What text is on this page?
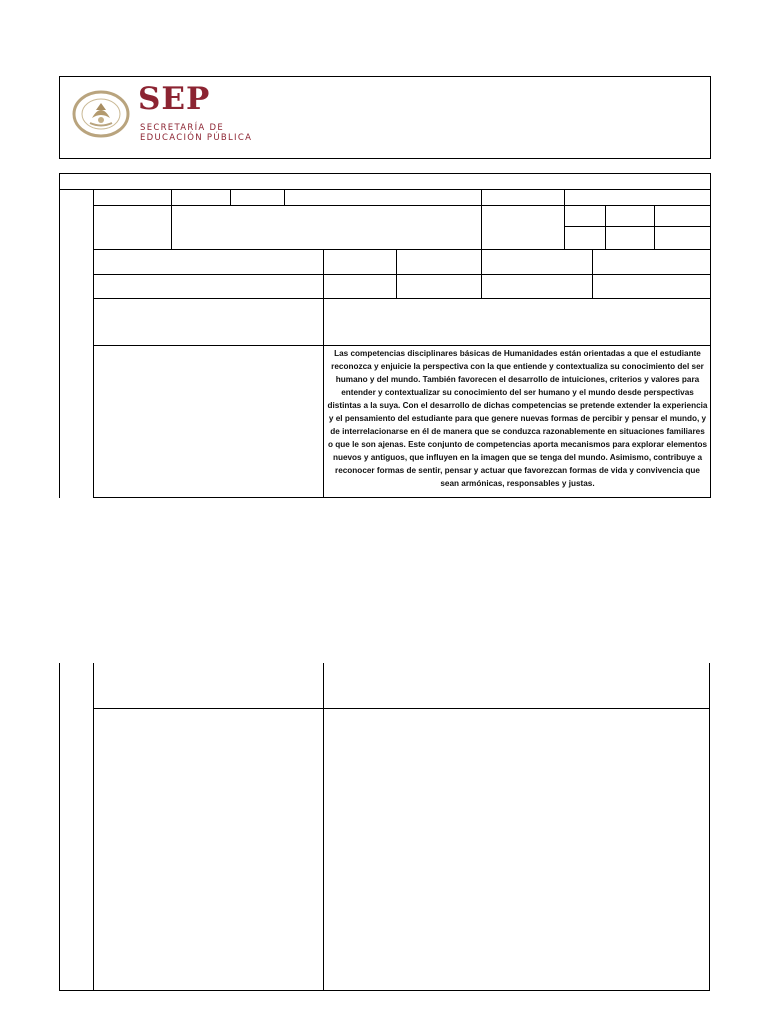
SEP
SECRETARÍA DE
EDUCACIÓN PÚBLICA
Las competencias disciplinares básicas de Humanidades están orientadas a que el estudiante reconozca y enjuicie la perspectiva con la que entiende y contextualiza su conocimiento del ser humano y del mundo. También favorecen el desarrollo de intuiciones, criterios y valores para entender y contextualizar su conocimiento del ser humano y el mundo desde perspectivas distintas a la suya. Con el desarrollo de dichas competencias se pretende extender la experiencia y el pensamiento del estudiante para que genere nuevas formas de percibir y pensar el mundo, y de interrelacionarse en él de manera que se conduzca razonablemente en situaciones familiares o que le son ajenas. Este conjunto de competencias aporta mecanismos para explorar elementos nuevos y antiguos, que influyen en la imagen que se tenga del mundo. Asimismo, contribuye a reconocer formas de sentir, pensar y actuar que favorezcan formas de vida y convivencia que sean armónicas, responsables y justas.
